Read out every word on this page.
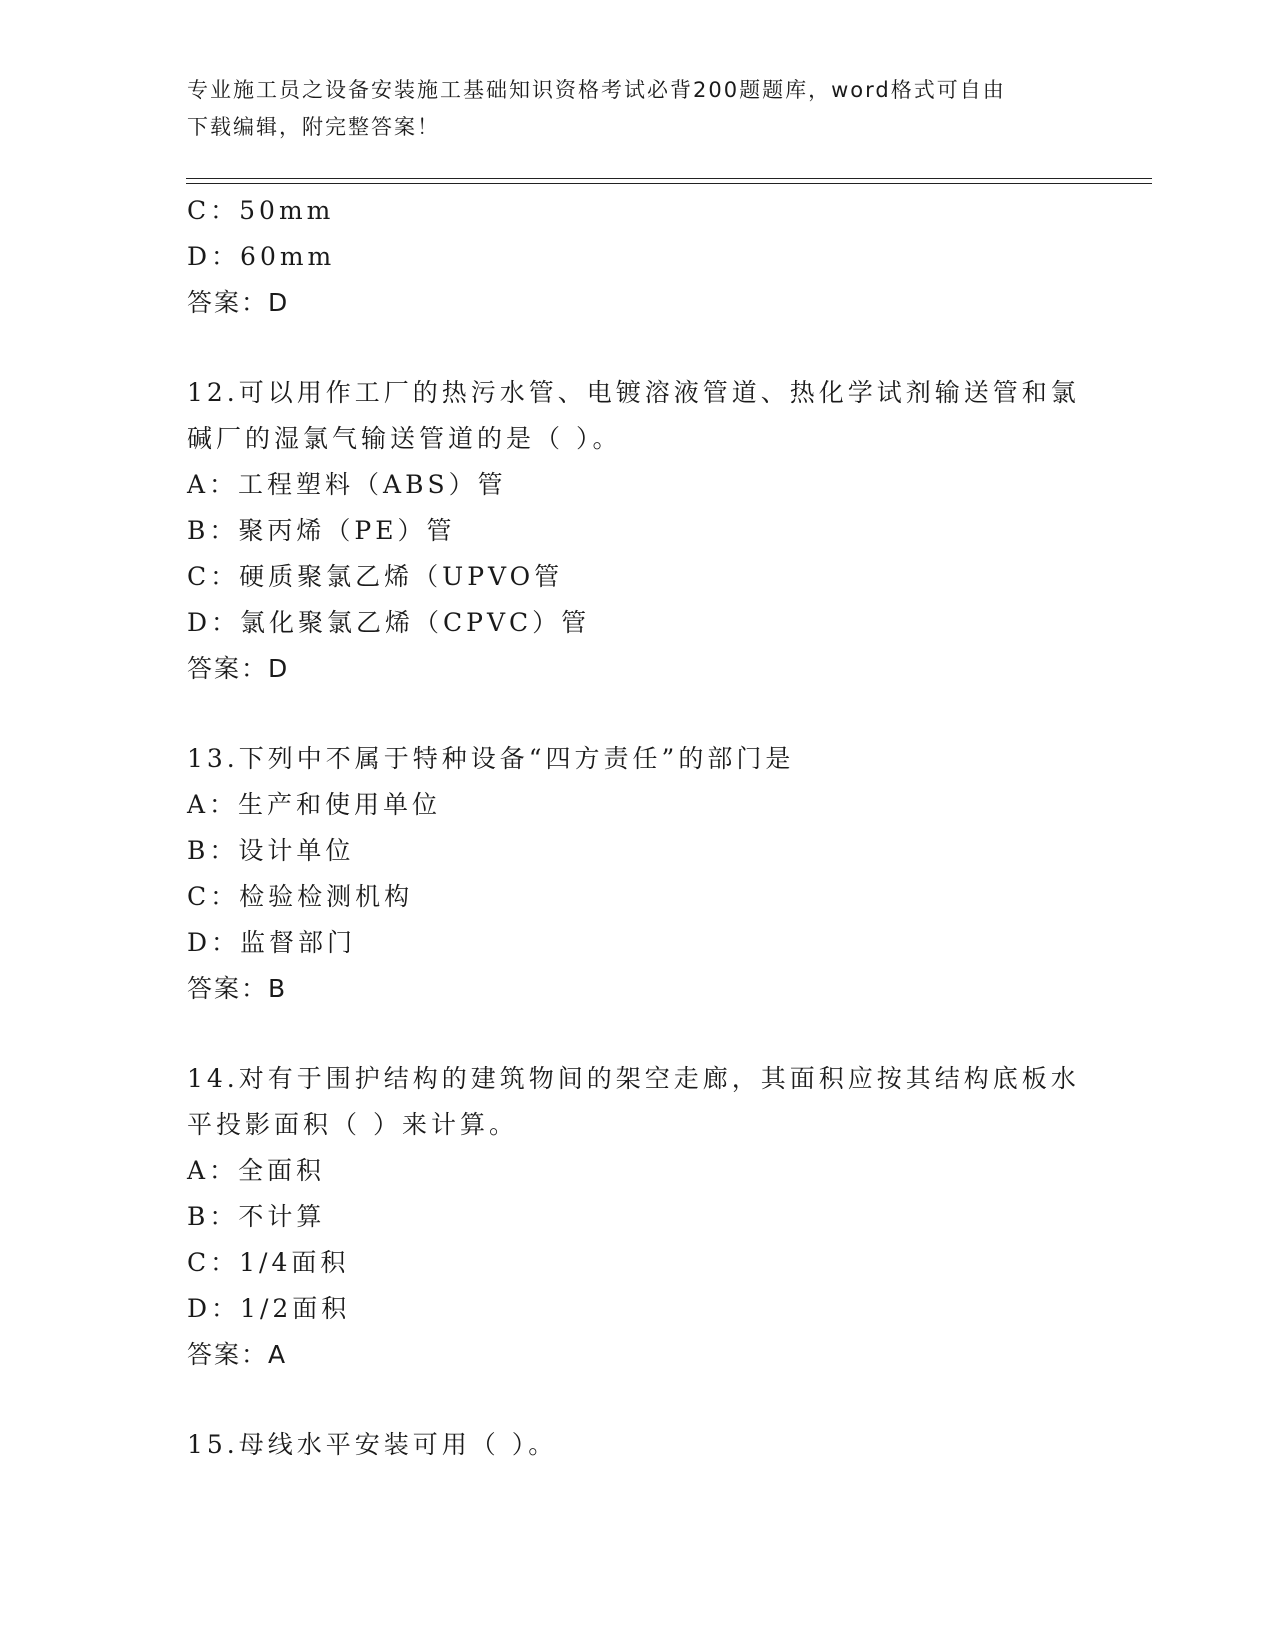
专业施工员之设备安装施工基础知识资格考试必背200题题库，word格式可自由
下载编辑，附完整答案！
C：50mm
D：60mm
答案：D
12.可以用作工厂的热污水管、电镀溶液管道、热化学试剂输送管和氯
碱厂的湿氯气输送管道的是（ ）。
A：工程塑料（ABS）管
B：聚丙烯（PE）管
C：硬质聚氯乙烯（UPVO管
D：氯化聚氯乙烯（CPVC）管
答案：D
13.下列中不属于特种设备“四方责任”的部门是
A：生产和使用单位
B：设计单位
C：检验检测机构
D：监督部门
答案：B
14.对有于围护结构的建筑物间的架空走廊，其面积应按其结构底板水
平投影面积（ ）来计算。
A：全面积
B：不计算
C：1/4面积
D：1/2面积
答案：A
15.母线水平安装可用（ ）。
